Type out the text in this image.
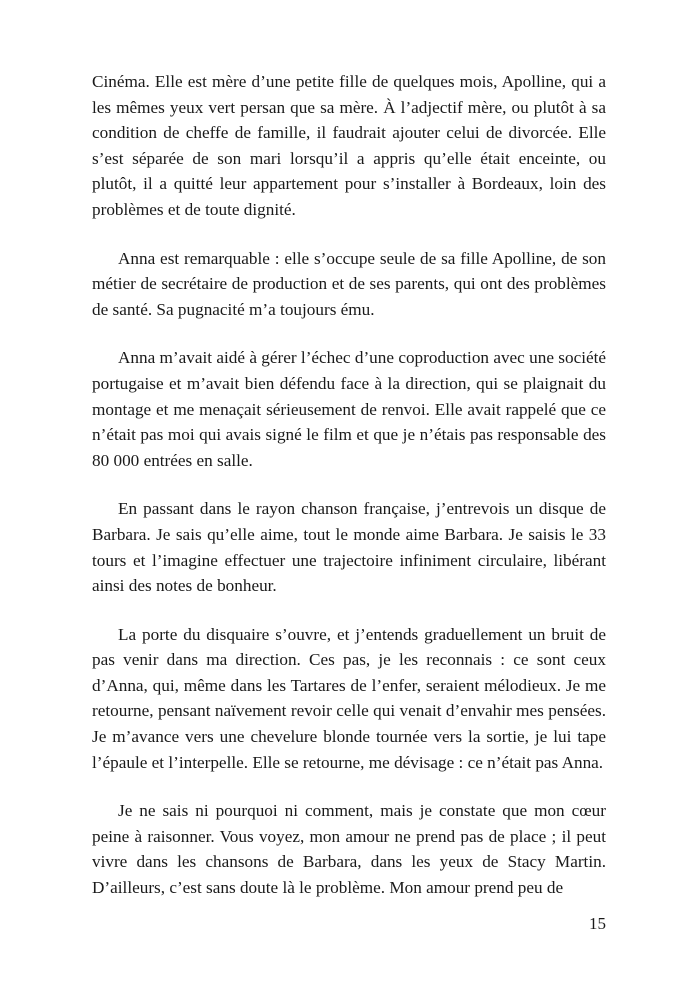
Cinéma. Elle est mère d’une petite fille de quelques mois, Apolline, qui a les mêmes yeux vert persan que sa mère. À l’adjectif mère, ou plutôt à sa condition de cheffe de famille, il faudrait ajouter celui de divorcée. Elle s’est séparée de son mari lorsqu’il a appris qu’elle était enceinte, ou plutôt, il a quitté leur appartement pour s’installer à Bordeaux, loin des problèmes et de toute dignité.

Anna est remarquable : elle s’occupe seule de sa fille Apolline, de son métier de secrétaire de production et de ses parents, qui ont des problèmes de santé. Sa pugnacité m’a toujours ému.

Anna m’avait aidé à gérer l’échec d’une coproduction avec une société portugaise et m’avait bien défendu face à la direction, qui se plaignait du montage et me menaçait sérieusement de renvoi. Elle avait rappelé que ce n’était pas moi qui avais signé le film et que je n’étais pas responsable des 80 000 entrées en salle.

En passant dans le rayon chanson française, j’entrevois un disque de Barbara. Je sais qu’elle aime, tout le monde aime Barbara. Je saisis le 33 tours et l’imagine effectuer une trajectoire infiniment circulaire, libérant ainsi des notes de bonheur.

La porte du disquaire s’ouvre, et j’entends graduellement un bruit de pas venir dans ma direction. Ces pas, je les reconnais : ce sont ceux d’Anna, qui, même dans les Tartares de l’enfer, seraient mélodieux. Je me retourne, pensant naïvement revoir celle qui venait d’envahir mes pensées. Je m’avance vers une chevelure blonde tournée vers la sortie, je lui tape l’épaule et l’interpelle. Elle se retourne, me dévisage : ce n’était pas Anna.

Je ne sais ni pourquoi ni comment, mais je constate que mon cœur peine à raisonner. Vous voyez, mon amour ne prend pas de place ; il peut vivre dans les chansons de Barbara, dans les yeux de Stacy Martin. D’ailleurs, c’est sans doute là le problème. Mon amour prend peu de

15
